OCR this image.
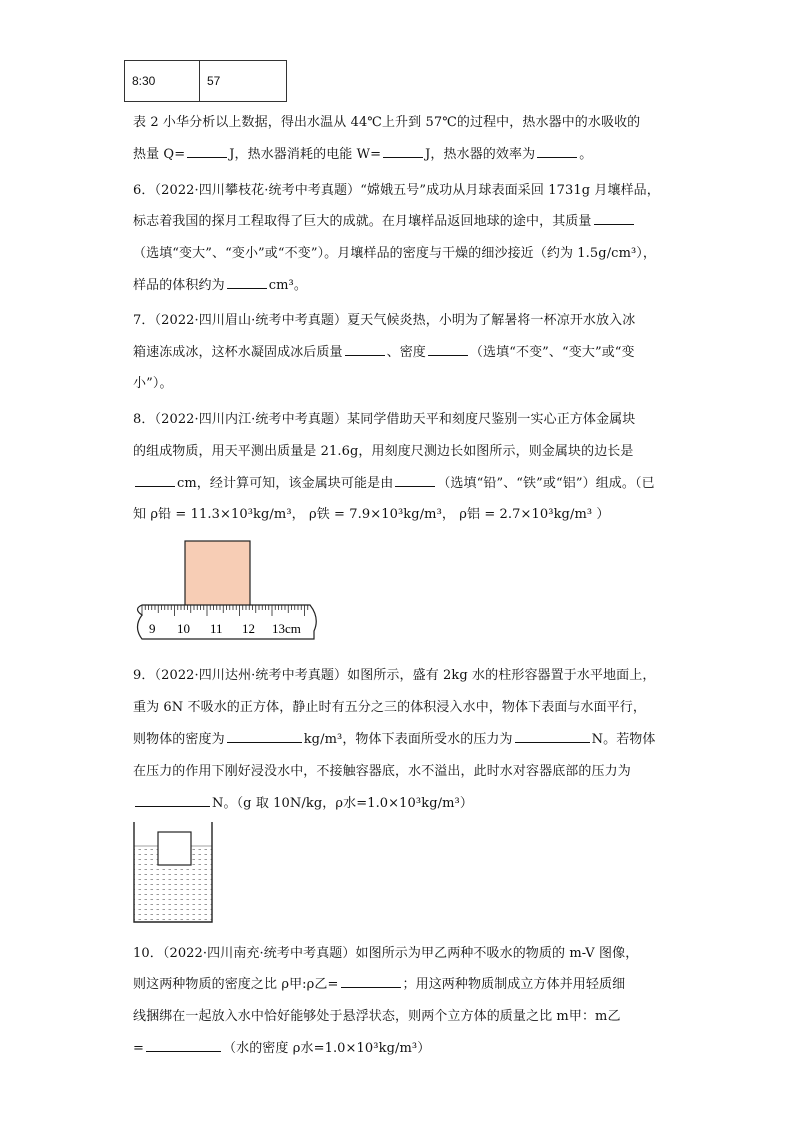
8:30	57
表 2 小华分析以上数据，得出水温从 44℃上升到 57℃的过程中，热水器中的水吸收的
热量 Q=	J，热水器消耗的电能 W=	J，热水器的效率为	。
6．（2022·四川攀枝花·统考中考真题）“嫦娥五号”成功从月球表面采回 1731g 月壤样品，
标志着我国的探月工程取得了巨大的成就。在月壤样品返回地球的途中，其质量
（选填“变大”、“变小”或“不变”）。月壤样品的密度与干燥的细沙接近（约为 1.5g/cm³），
样品的体积约为	cm³。
7．（2022·四川眉山·统考中考真题）夏天气候炎热，小明为了解暑将一杯凉开水放入冰
箱速冻成冰，这杯水凝固成冰后质量	、密度	（选填“不变”、“变大”或“变
小”）。
8．（2022·四川内江·统考中考真题）某同学借助天平和刻度尺鉴别一实心正方体金属块
的组成物质，用天平测出质量是 21.6g，用刻度尺测边长如图所示，则金属块的边长是
cm，经计算可知，该金属块可能是由	（选填“铅”、“铁”或“铝”）组成。（已
知 ρ铅 = 11.3×10³kg/m³， ρ铁 = 7.9×10³kg/m³， ρ铝 = 2.7×10³kg/m³ ）
9 10 11 12 13cm
9．（2022·四川达州·统考中考真题）如图所示，盛有 2kg 水的柱形容器置于水平地面上，
重为 6N 不吸水的正方体，静止时有五分之三的体积浸入水中，物体下表面与水面平行，
则物体的密度为	kg/m³，物体下表面所受水的压力为	N。若物体
在压力的作用下刚好浸没水中，不接触容器底，水不溢出，此时水对容器底部的压力为
N。（g 取 10N/kg，ρ水=1.0×10³kg/m³）
10．（2022·四川南充·统考中考真题）如图所示为甲乙两种不吸水的物质的 m-V 图像，
则这两种物质的密度之比 ρ甲:ρ乙=	；用这两种物质制成立方体并用轻质细
线捆绑在一起放入水中恰好能够处于悬浮状态，则两个立方体的质量之比 m甲：m乙
=	（水的密度 ρ水=1.0×10³kg/m³）
